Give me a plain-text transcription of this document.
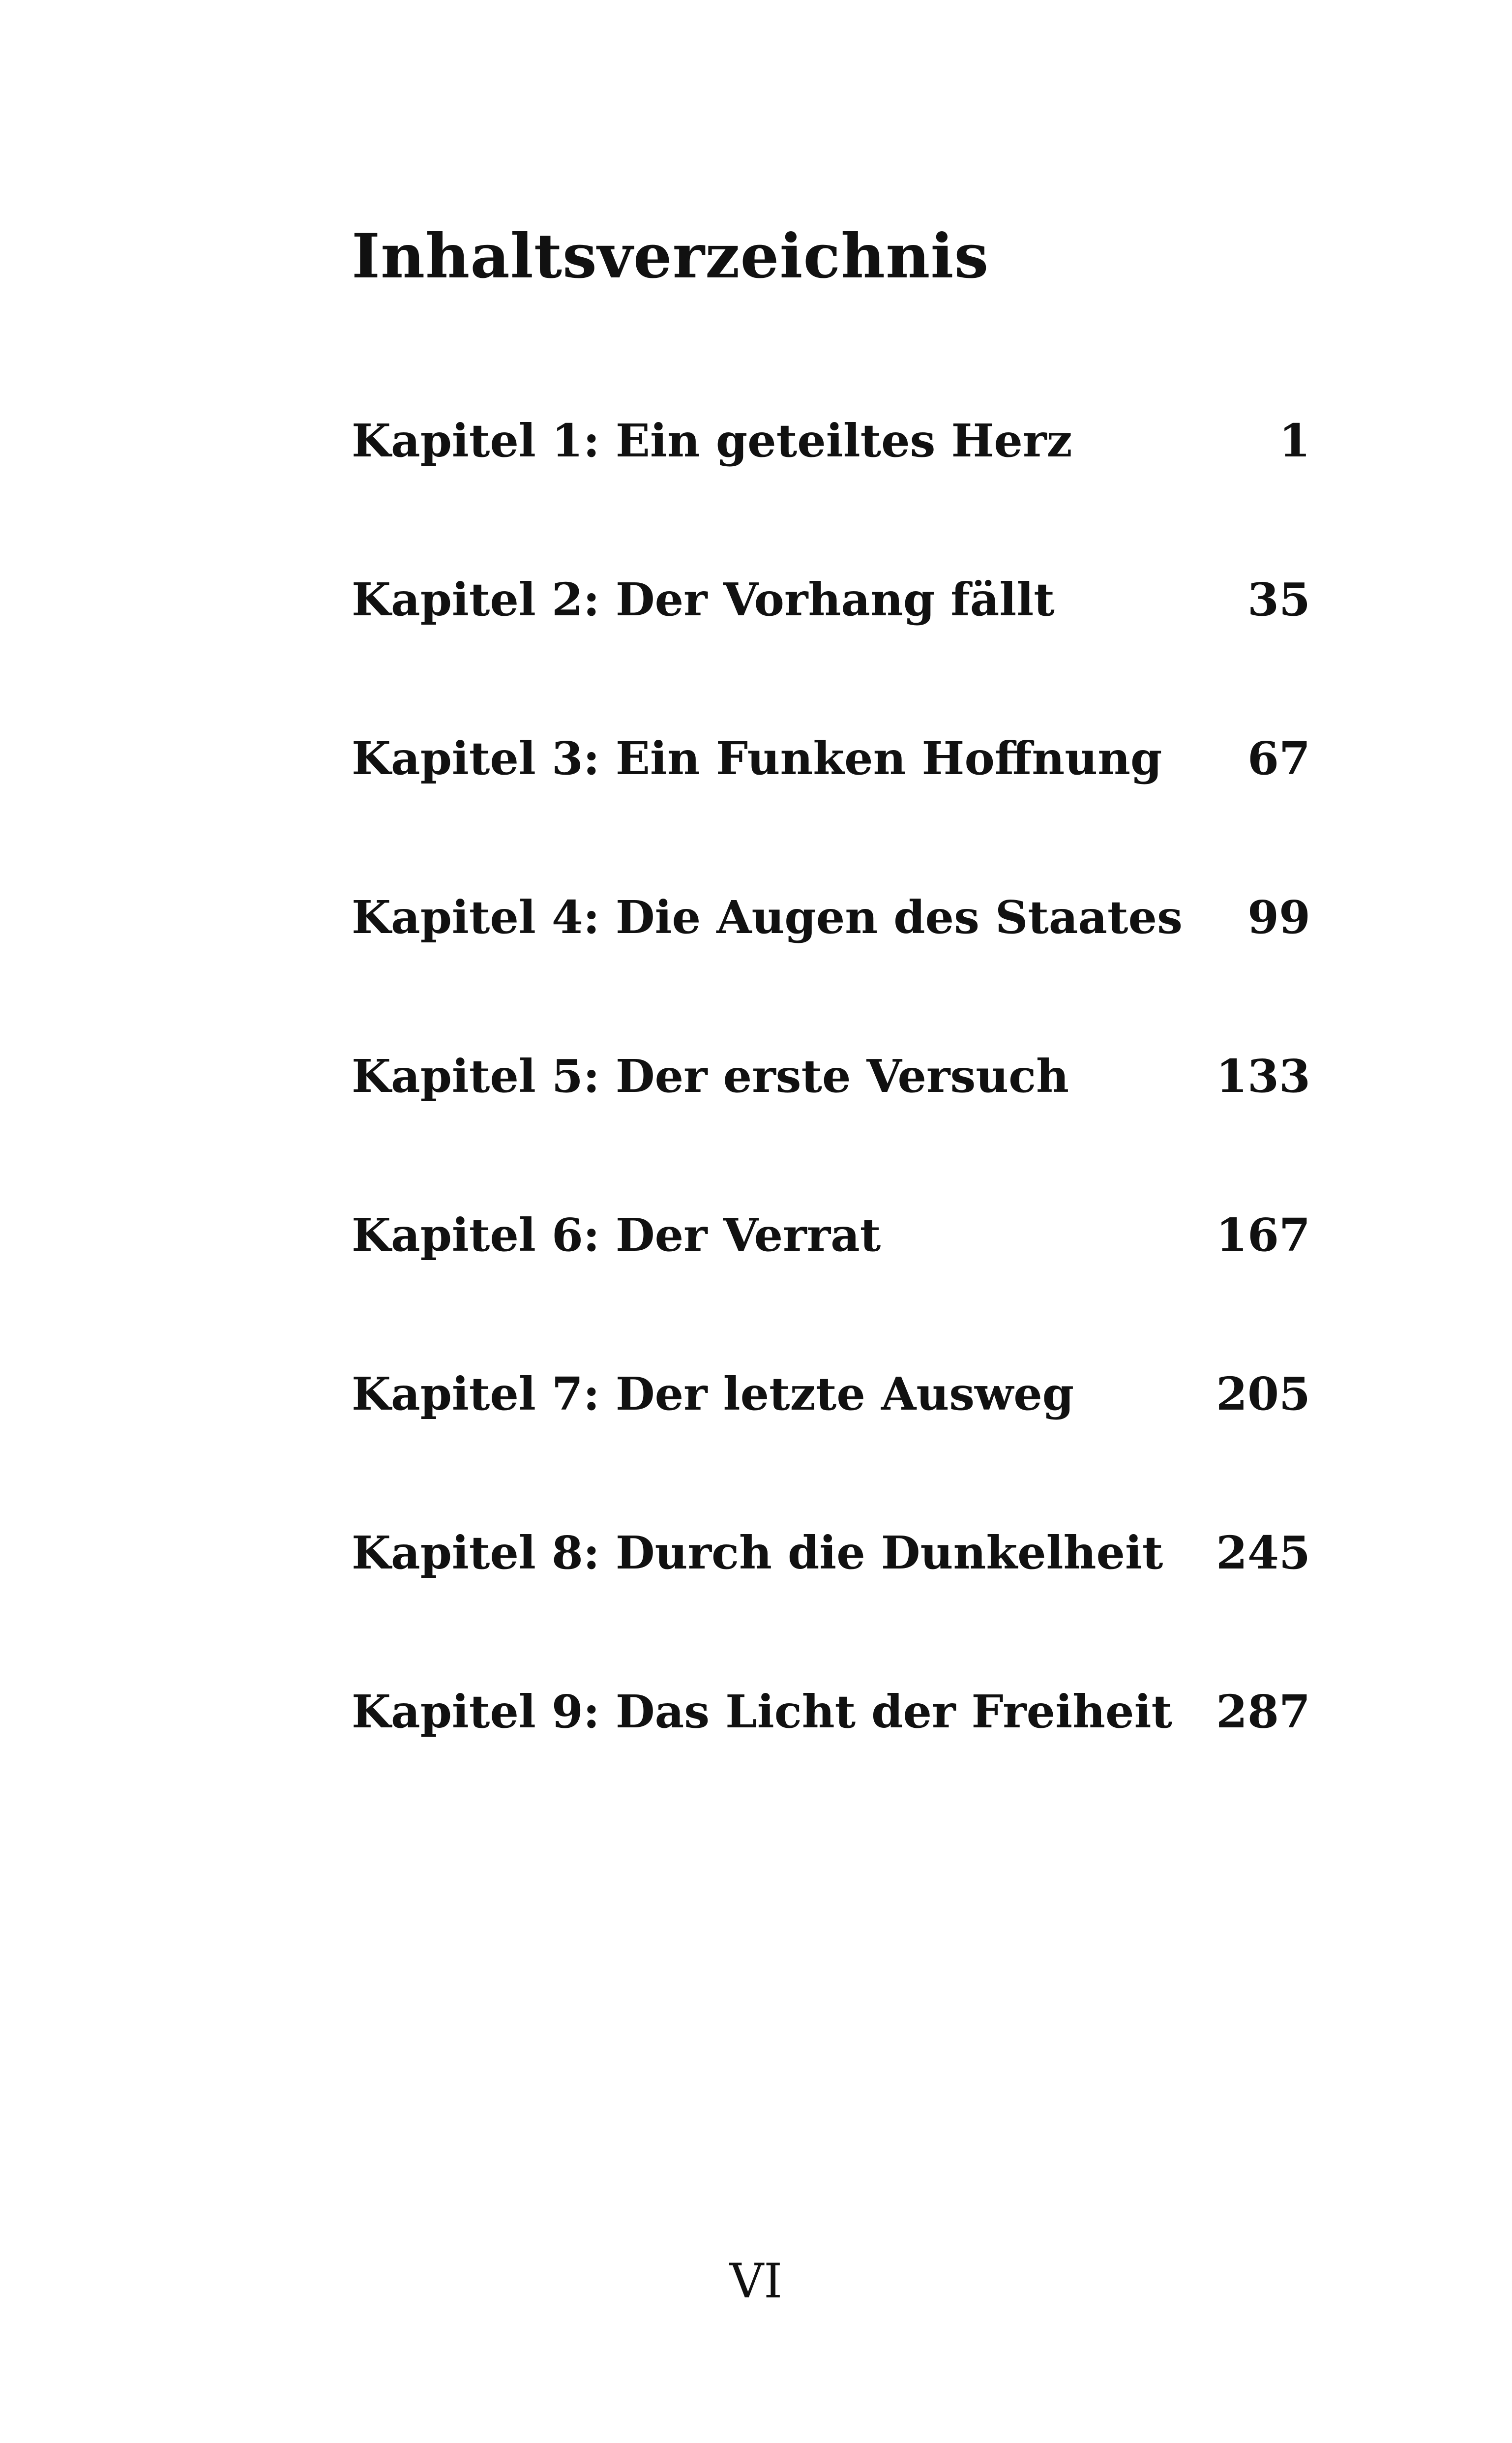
Inhaltsverzeichnis
Kapitel 1: Ein geteiltes Herz	1
Kapitel 2: Der Vorhang fällt	35
Kapitel 3: Ein Funken Hoffnung 67
Kapitel 4: Die Augen des Staates 99
Kapitel 5: Der erste Versuch	133
Kapitel 6: Der Verrat	167
Kapitel 7: Der letzte Ausweg	205
Kapitel 8: Durch die Dunkelheit 245
Kapitel 9: Das Licht der Freiheit 287
VI
